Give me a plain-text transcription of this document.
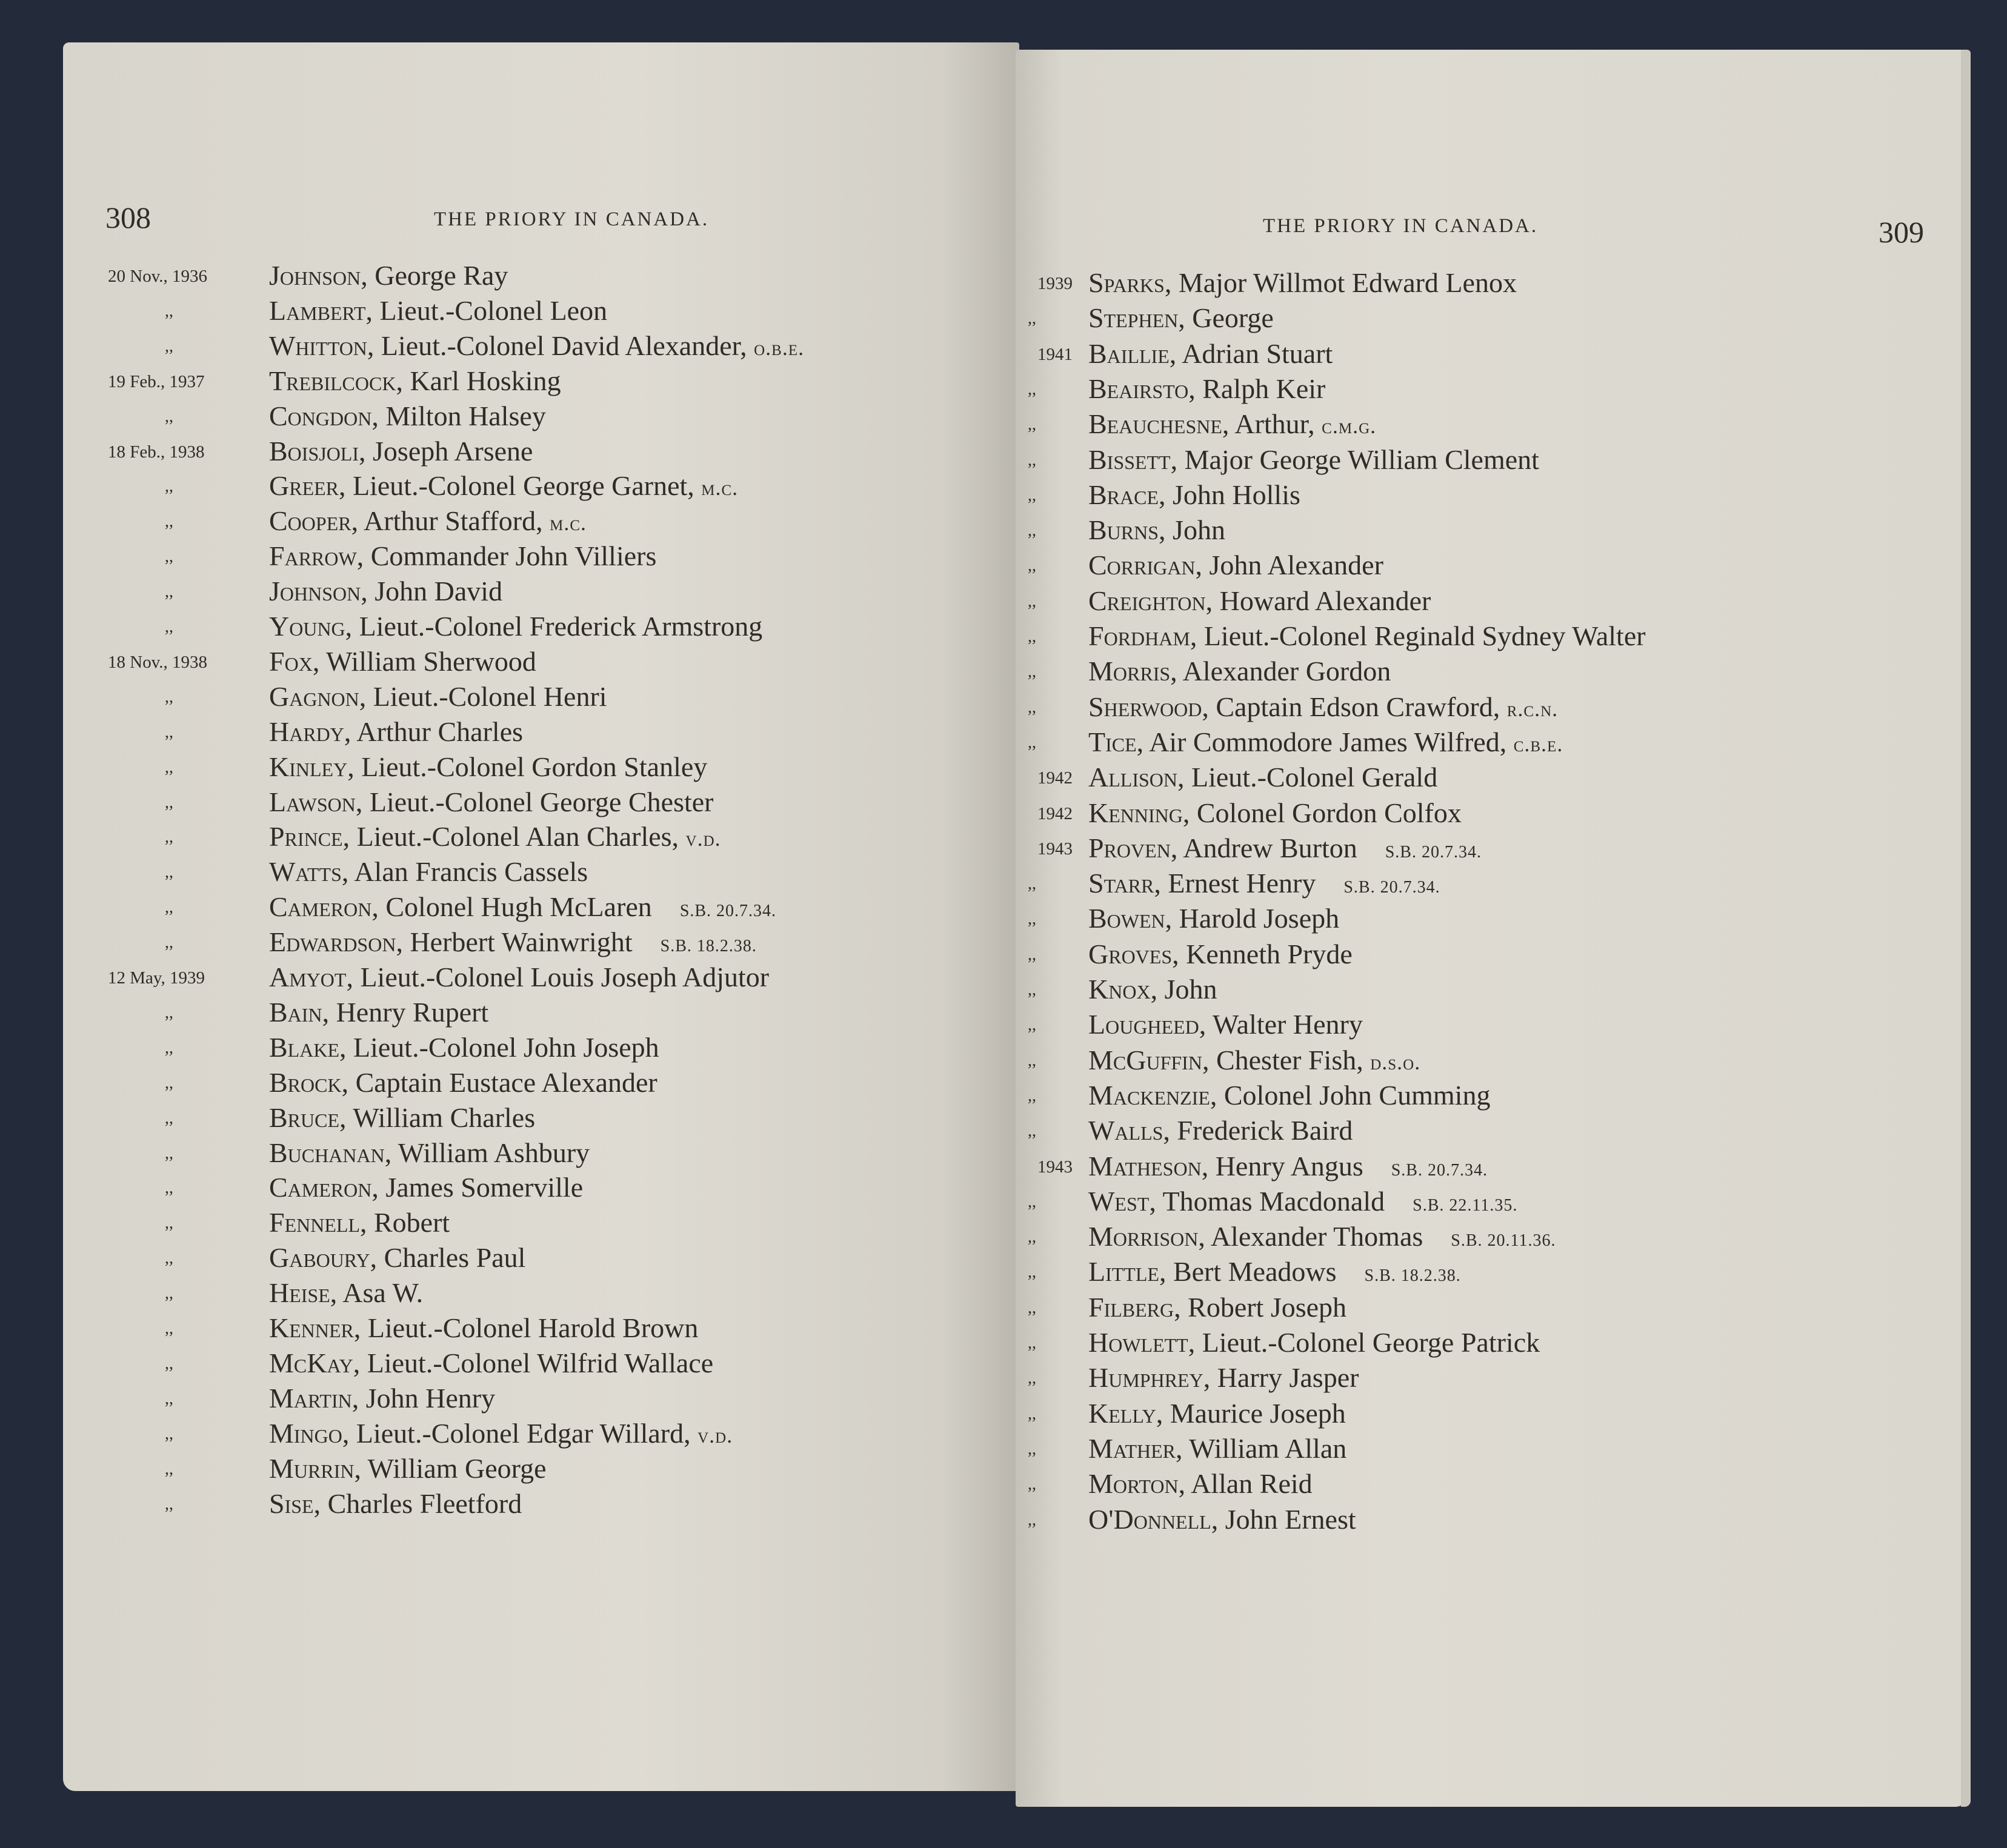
308	THE PRIORY IN CANADA.	THE PRIORY IN CANADA.	309
20 Nov., 1936 Johnson, George Ray
,,	Lambert, Lieut.-Colonel Leon
,,	Whitton, Lieut.-Colonel David Alexander, o.b.e.
19 Feb., 1937 Trebilcock, Karl Hosking
,,	Congdon, Milton Halsey
18 Feb., 1938 Boisjoli, Joseph Arsene
,,	Greer, Lieut.-Colonel George Garnet, m.c.
,,	Cooper, Arthur Stafford, m.c.
,,	Farrow, Commander John Villiers
,,	Johnson, John David
,,	Young, Lieut.-Colonel Frederick Armstrong
18 Nov., 1938 Fox, William Sherwood
,,	Gagnon, Lieut.-Colonel Henri
,,	Hardy, Arthur Charles
,,	Kinley, Lieut.-Colonel Gordon Stanley
,,	Lawson, Lieut.-Colonel George Chester
,,	Prince, Lieut.-Colonel Alan Charles, v.d.
,,	Watts, Alan Francis Cassels
,,	Cameron, Colonel Hugh McLaren S.B. 20.7.34.
,,	Edwardson, Herbert Wainwright S.B. 18.2.38.
12 May, 1939 Amyot, Lieut.-Colonel Louis Joseph Adjutor
,,	Bain, Henry Rupert
,,	Blake, Lieut.-Colonel John Joseph
,,	Brock, Captain Eustace Alexander
,,	Bruce, William Charles
,,	Buchanan, William Ashbury
,,	Cameron, James Somerville
,,	Fennell, Robert
,,	Gaboury, Charles Paul
,,	Heise, Asa W.
,,	Kenner, Lieut.-Colonel Harold Brown
,,	McKay, Lieut.-Colonel Wilfrid Wallace
,,	Martin, John Henry
,,	Mingo, Lieut.-Colonel Edgar Willard, v.d.
,,	Murrin, William George
,,	Sise, Charles Fleetford
1939 Sparks, Major Willmot Edward Lenox
,, Stephen, George
1941 Baillie, Adrian Stuart
,, Beairsto, Ralph Keir
,, Beauchesne, Arthur, c.m.g.
,, Bissett, Major George William Clement
,, Brace, John Hollis
,, Burns, John
,, Corrigan, John Alexander
,, Creighton, Howard Alexander
,, Fordham, Lieut.-Colonel Reginald Sydney Walter
,, Morris, Alexander Gordon
,, Sherwood, Captain Edson Crawford, r.c.n.
,, Tice, Air Commodore James Wilfred, c.b.e.
1942 Allison, Lieut.-Colonel Gerald
1942 Kenning, Colonel Gordon Colfox
1943 Proven, Andrew Burton S.B. 20.7.34.
,, Starr, Ernest Henry S.B. 20.7.34.
,, Bowen, Harold Joseph
,, Groves, Kenneth Pryde
,, Knox, John
,, Lougheed, Walter Henry
,, McGuffin, Chester Fish, d.s.o.
,, Mackenzie, Colonel John Cumming
,, Walls, Frederick Baird
1943 Matheson, Henry Angus S.B. 20.7.34.
,, West, Thomas Macdonald S.B. 22.11.35.
,, Morrison, Alexander Thomas S.B. 20.11.36.
,, Little, Bert Meadows S.B. 18.2.38.
,, Filberg, Robert Joseph
,, Howlett, Lieut.-Colonel George Patrick
,, Humphrey, Harry Jasper
,, Kelly, Maurice Joseph
,, Mather, William Allan
,, Morton, Allan Reid
,, O'Donnell, John Ernest
